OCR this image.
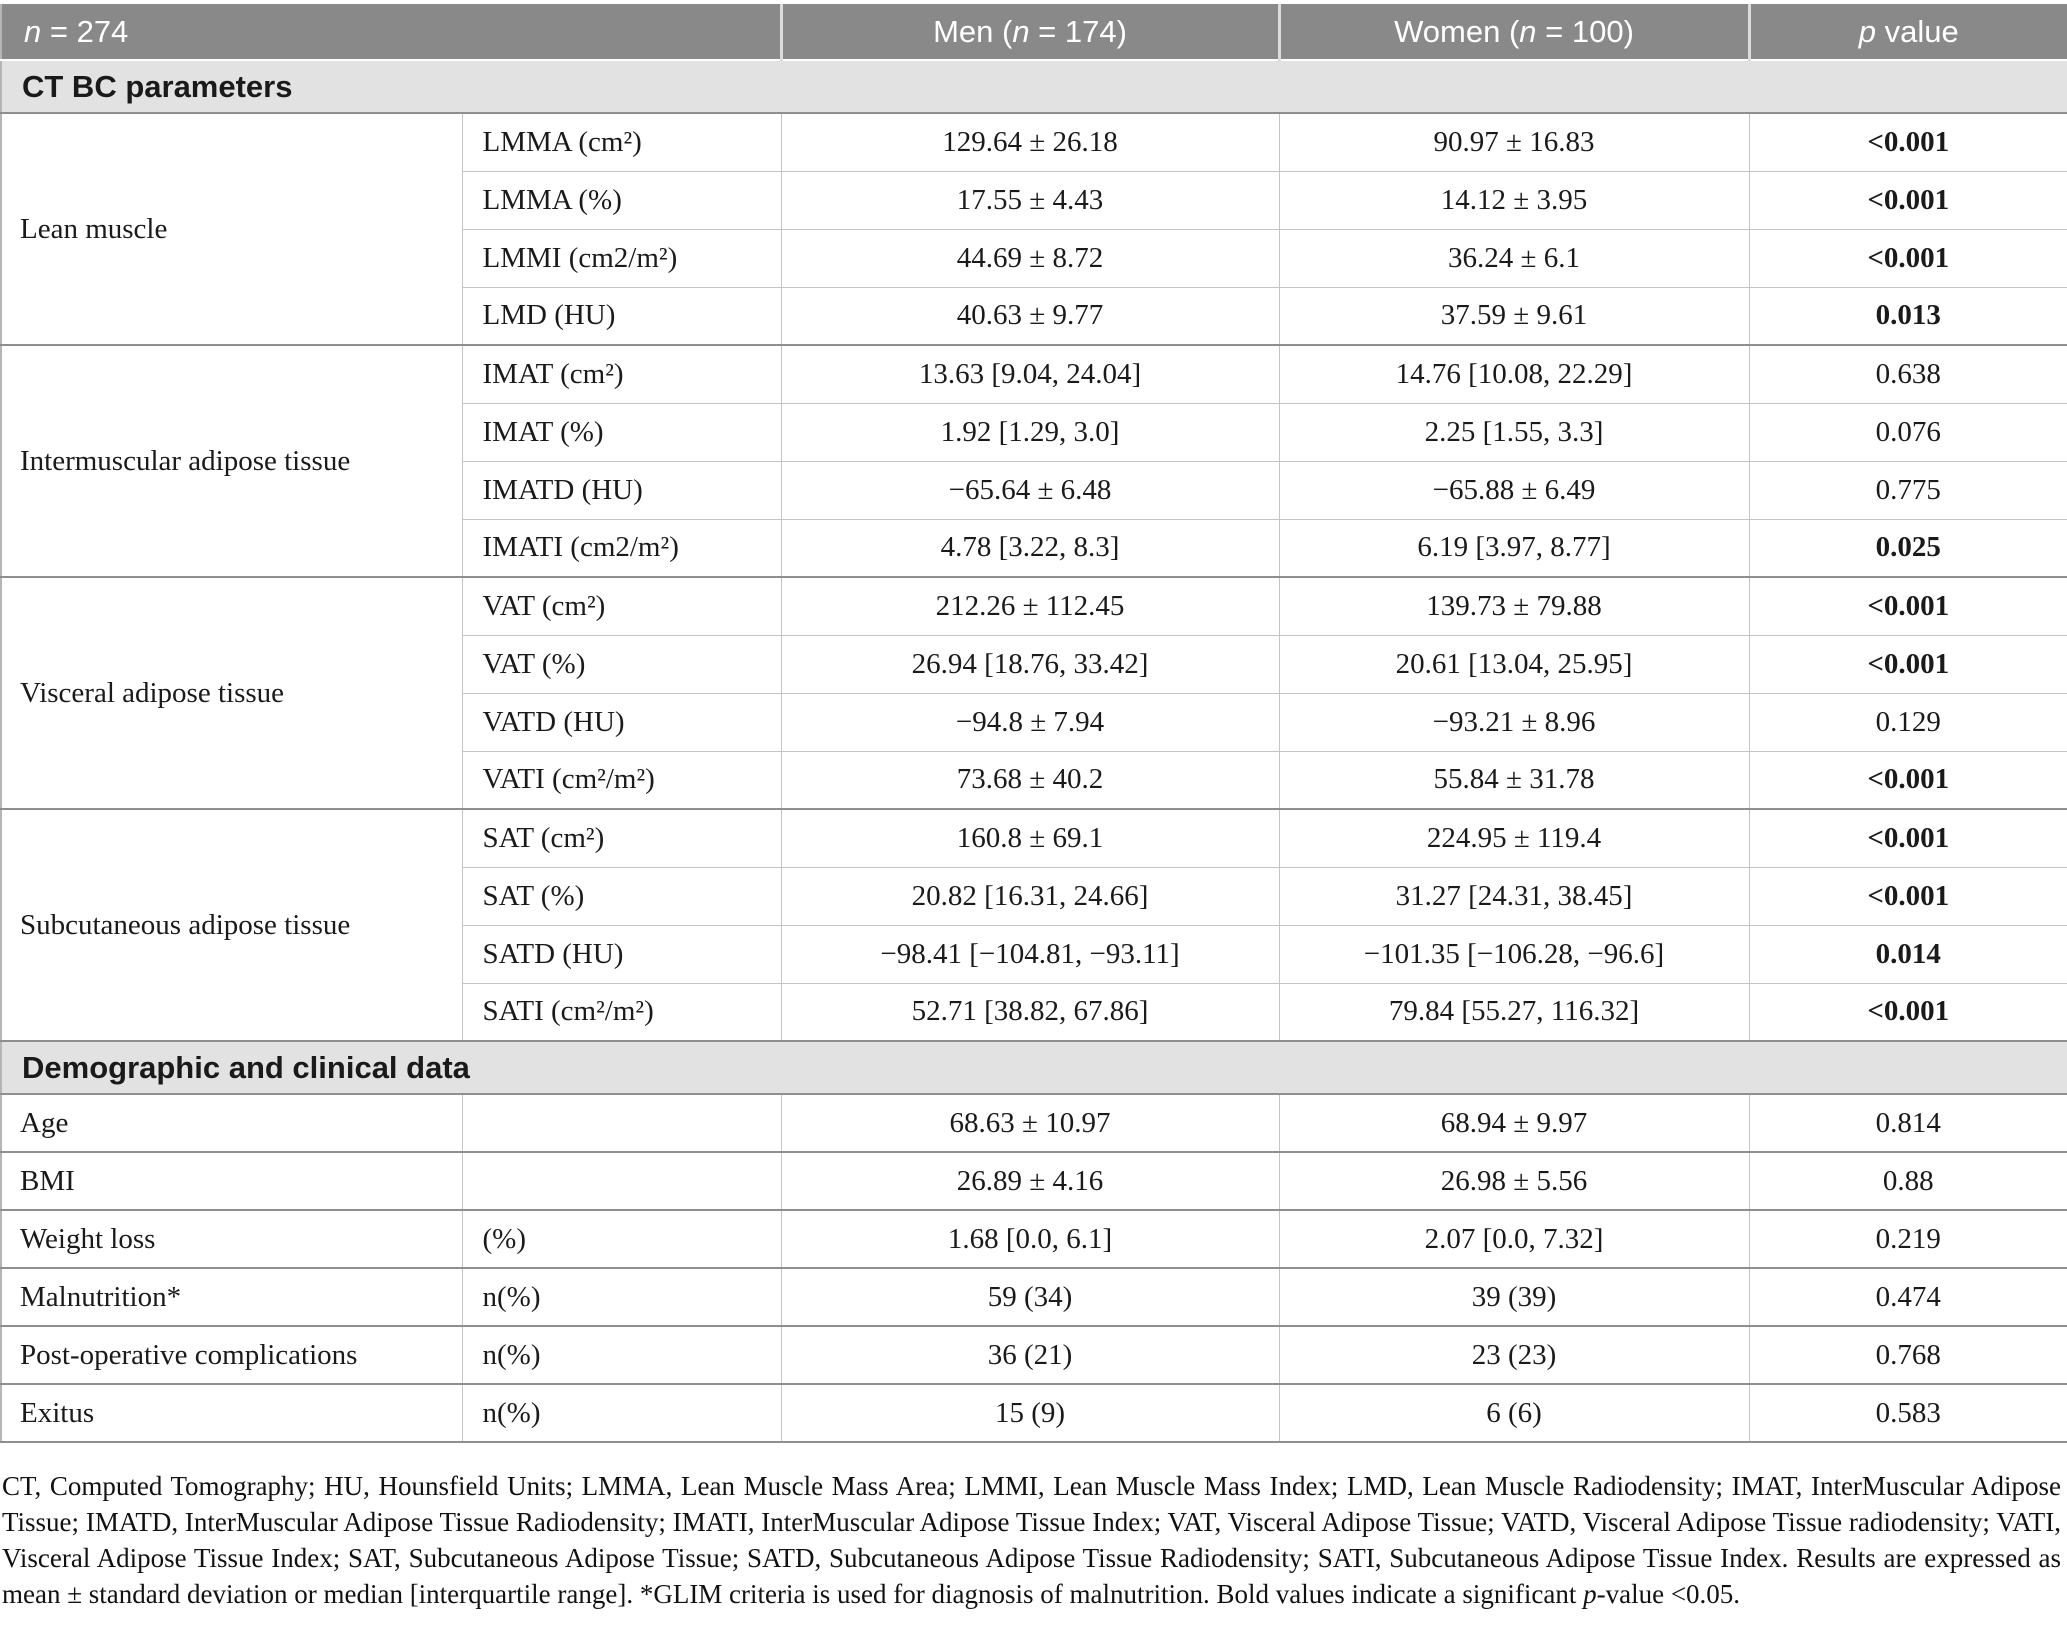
n = 274		Men (n = 174)	Women (n = 100)	p value
CT BC parameters				
Lean muscle	LMMA (cm²)	129.64 ± 26.18	90.97 ± 16.83	<0.001
	LMMA (%)	17.55 ± 4.43	14.12 ± 3.95	<0.001
	LMMI (cm2/m²)	44.69 ± 8.72	36.24 ± 6.1	<0.001
	LMD (HU)	40.63 ± 9.77	37.59 ± 9.61	0.013
Intermuscular adipose tissue	IMAT (cm²)	13.63 [9.04, 24.04]	14.76 [10.08, 22.29]	0.638
	IMAT (%)	1.92 [1.29, 3.0]	2.25 [1.55, 3.3]	0.076
	IMATD (HU)	−65.64 ± 6.48	−65.88 ± 6.49	0.775
	IMATI (cm2/m²)	4.78 [3.22, 8.3]	6.19 [3.97, 8.77]	0.025
Visceral adipose tissue	VAT (cm²)	212.26 ± 112.45	139.73 ± 79.88	<0.001
	VAT (%)	26.94 [18.76, 33.42]	20.61 [13.04, 25.95]	<0.001
	VATD (HU)	−94.8 ± 7.94	−93.21 ± 8.96	0.129
	VATI (cm²/m²)	73.68 ± 40.2	55.84 ± 31.78	<0.001
Subcutaneous adipose tissue	SAT (cm²)	160.8 ± 69.1	224.95 ± 119.4	<0.001
	SAT (%)	20.82 [16.31, 24.66]	31.27 [24.31, 38.45]	<0.001
	SATD (HU)	−98.41 [−104.81, −93.11]	−101.35 [−106.28, −96.6]	0.014
	SATI (cm²/m²)	52.71 [38.82, 67.86]	79.84 [55.27, 116.32]	<0.001
Demographic and clinical data				
Age		68.63 ± 10.97	68.94 ± 9.97	0.814
BMI		26.89 ± 4.16	26.98 ± 5.56	0.88
Weight loss	(%)	1.68 [0.0, 6.1]	2.07 [0.0, 7.32]	0.219
Malnutrition*	n(%)	59 (34)	39 (39)	0.474
Post-operative complications	n(%)	36 (21)	23 (23)	0.768
Exitus	n(%)	15 (9)	6 (6)	0.583

CT, Computed Tomography; HU, Hounsfield Units; LMMA, Lean Muscle Mass Area; LMMI, Lean Muscle Mass Index; LMD, Lean Muscle Radiodensity; IMAT, InterMuscular Adipose Tissue; IMATD, InterMuscular Adipose Tissue Radiodensity; IMATI, InterMuscular Adipose Tissue Index; VAT, Visceral Adipose Tissue; VATD, Visceral Adipose Tissue radiodensity; VATI, Visceral Adipose Tissue Index; SAT, Subcutaneous Adipose Tissue; SATD, Subcutaneous Adipose Tissue Radiodensity; SATI, Subcutaneous Adipose Tissue Index. Results are expressed as mean ± standard deviation or median [interquartile range]. *GLIM criteria is used for diagnosis of malnutrition. Bold values indicate a significant p-value <0.05.
